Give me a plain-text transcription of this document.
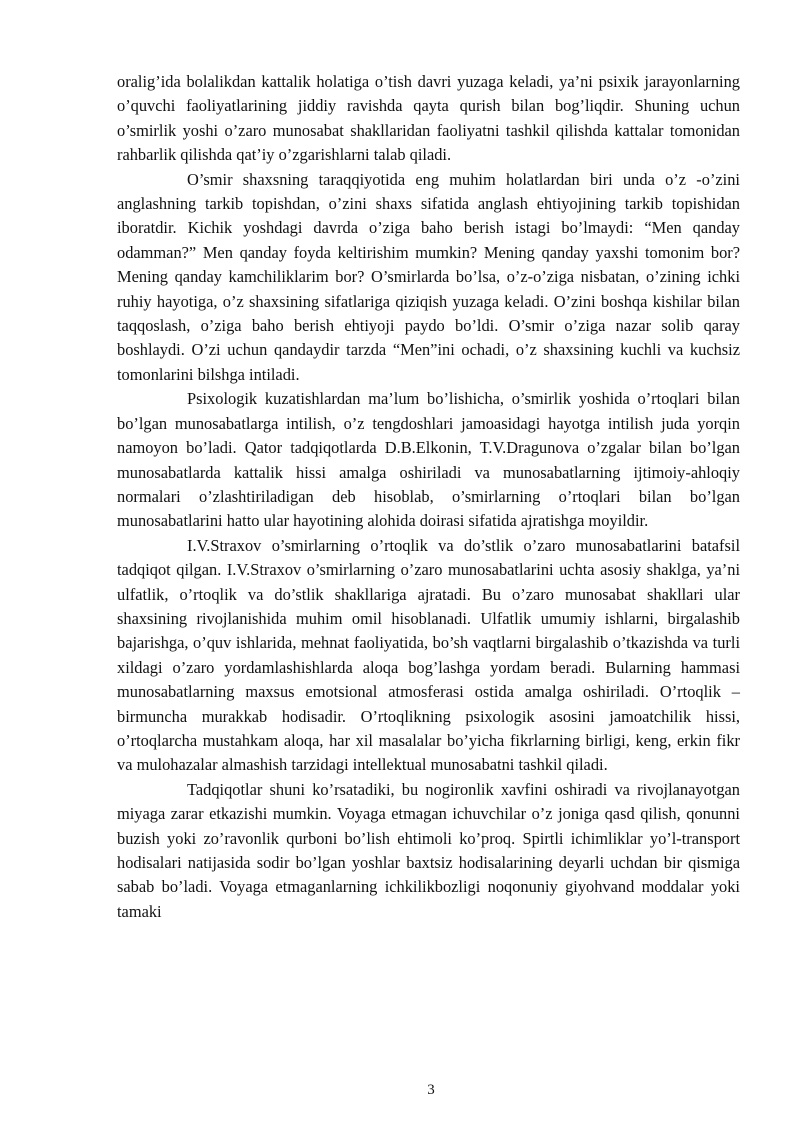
oralig’ida bolalikdan kattalik holatiga o’tish davri yuzaga keladi, ya’ni psixik jarayonlarning o’quvchi faoliyatlarining jiddiy ravishda qayta qurish bilan bog’liqdir. Shuning uchun o’smirlik yoshi o’zaro munosabat shakllaridan faoliyatni tashkil qilishda kattalar tomonidan rahbarlik qilishda qat’iy o’zgarishlarni talab qiladi.

O’smir shaxsning taraqqiyotida eng muhim holatlardan biri unda o’z -o’zini anglashning tarkib topishdan, o’zini shaxs sifatida anglash ehtiyojining tarkib topishidan iboratdir. Kichik yoshdagi davrda o’ziga baho berish istagi bo’lmaydi: “Men qanday odamman?” Men qanday foyda keltirishim mumkin? Mening qanday yaxshi tomonim bor? Mening qanday kamchiliklarim bor? O’smirlarda bo’lsa, o’z-o’ziga nisbatan, o’zining ichki ruhiy hayotiga, o’z shaxsining sifatlariga qiziqish yuzaga keladi. O’zini boshqa kishilar bilan taqqoslash, o’ziga baho berish ehtiyoji paydo bo’ldi. O’smir o’ziga nazar solib qaray boshlaydi. O’zi uchun qandaydir tarzda “Men”ini ochadi, o’z shaxsining kuchli va kuchsiz tomonlarini bilshga intiladi.

Psixologik kuzatishlardan ma’lum bo’lishicha, o’smirlik yoshida o’rtoqlari bilan bo’lgan munosabatlarga intilish, o’z tengdoshlari jamoasidagi hayotga intilish juda yorqin namoyon bo’ladi. Qator tadqiqotlarda D.B.Elkonin, T.V.Dragunova o’zgalar bilan bo’lgan munosabatlarda kattalik hissi amalga oshiriladi va munosabatlarning ijtimoiy-ahloqiy normalari o’zlashtiriladigan deb hisoblab, o’smirlarning o’rtoqlari bilan bo’lgan munosabatlarini hatto ular hayotining alohida doirasi sifatida ajratishga moyildir.

I.V.Straxov o’smirlarning o’rtoqlik va do’stlik o’zaro munosabatlarini batafsil tadqiqot qilgan. I.V.Straxov o’smirlarning o’zaro munosabatlarini uchta asosiy shaklga, ya’ni ulfatlik, o’rtoqlik va do’stlik shakllariga ajratadi. Bu o’zaro munosabat shakllari ular shaxsining rivojlanishida muhim omil hisoblanadi. Ulfatlik umumiy ishlarni, birgalashib bajarishga, o’quv ishlarida, mehnat faoliyatida, bo’sh vaqtlarni birgalashib o’tkazishda va turli xildagi o’zaro yordamlashishlarda aloqa bog’lashga yordam beradi. Bularning hammasi munosabatlarning maxsus emotsional atmosferasi ostida amalga oshiriladi. O’rtoqlik – birmuncha murakkab hodisadir. O’rtoqlikning psixologik asosini jamoatchilik hissi, o’rtoqlarcha mustahkam aloqa, har xil masalalar bo’yicha fikrlarning birligi, keng, erkin fikr va mulohazalar almashish tarzidagi intellektual munosabatni tashkil qiladi.

Tadqiqotlar shuni ko’rsatadiki, bu nogironlik xavfini oshiradi va rivojlanayotgan miyaga zarar etkazishi mumkin. Voyaga etmagan ichuvchilar o’z joniga qasd qilish, qonunni buzish yoki zo’ravonlik qurboni bo’lish ehtimoli ko’proq. Spirtli ichimliklar yo’l-transport hodisalari natijasida sodir bo’lgan yoshlar baxtsiz hodisalarining deyarli uchdan bir qismiga sabab bo’ladi. Voyaga etmaganlarning ichkilikbozligi noqonuniy giyohvand moddalar yoki tamaki

3
